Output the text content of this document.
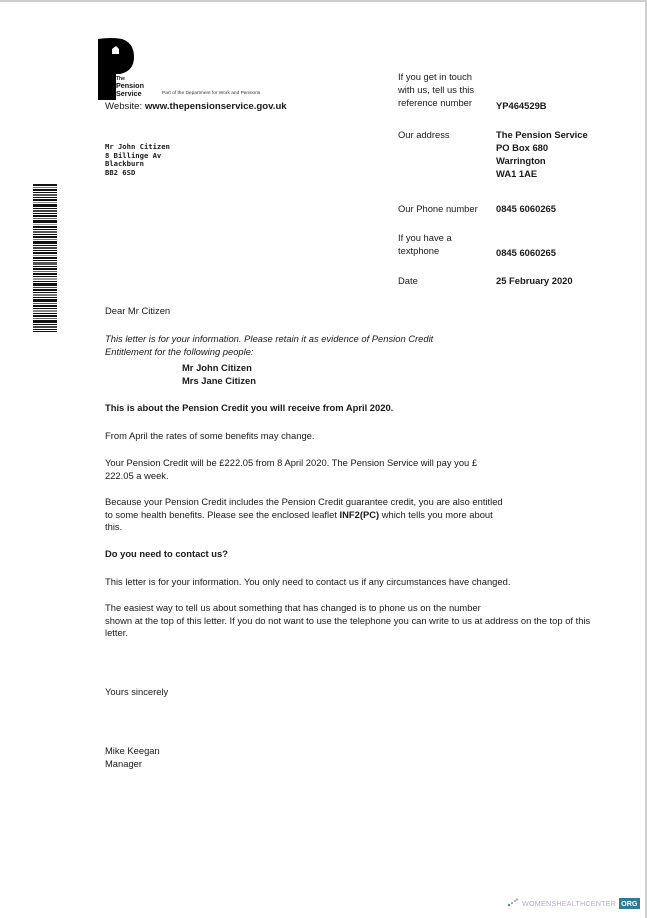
The
Pension
Service	Part of the Department for Work and Pensions
Website: www.thepensionservice.gov.uk
If you get in touch
with us, tell us this
reference number	YP464529B
Our address	The Pension Service
PO Box 680
Warrington
WA1 1AE
Our Phone number 0845 6060265
If you have a
textphone	0845 6060265
Date	25 February 2020
Mr John Citizen
8 Billinge Av
Blackburn
BB2 6SD
Dear Mr Citizen

This letter is for your information. Please retain it as evidence of Pension Credit Entitlement for the following people:

Mr John Citizen
Mrs Jane Citizen
This is about the Pension Credit you will receive from April 2020.
From April the rates of some benefits may change.
Your Pension Credit will be £222.05 from 8 April 2020. The Pension Service will pay you £
222.05 a week.

Because your Pension Credit includes the Pension Credit guarantee credit, you are also entitled to some health benefits. Please see the enclosed leaflet INF2(PC) which tells you more about this.

Do you need to contact us?
This letter is for your information. You only need to contact us if any circumstances have changed.
The easiest way to tell us about something that has changed is to phone us on the number
shown at the top of this letter. If you do not want to use the telephone you can write to us at address on the top of this letter.
Yours sincerely
Mike Keegan
Manager
WOMENSHEALTHCENTER ORG
